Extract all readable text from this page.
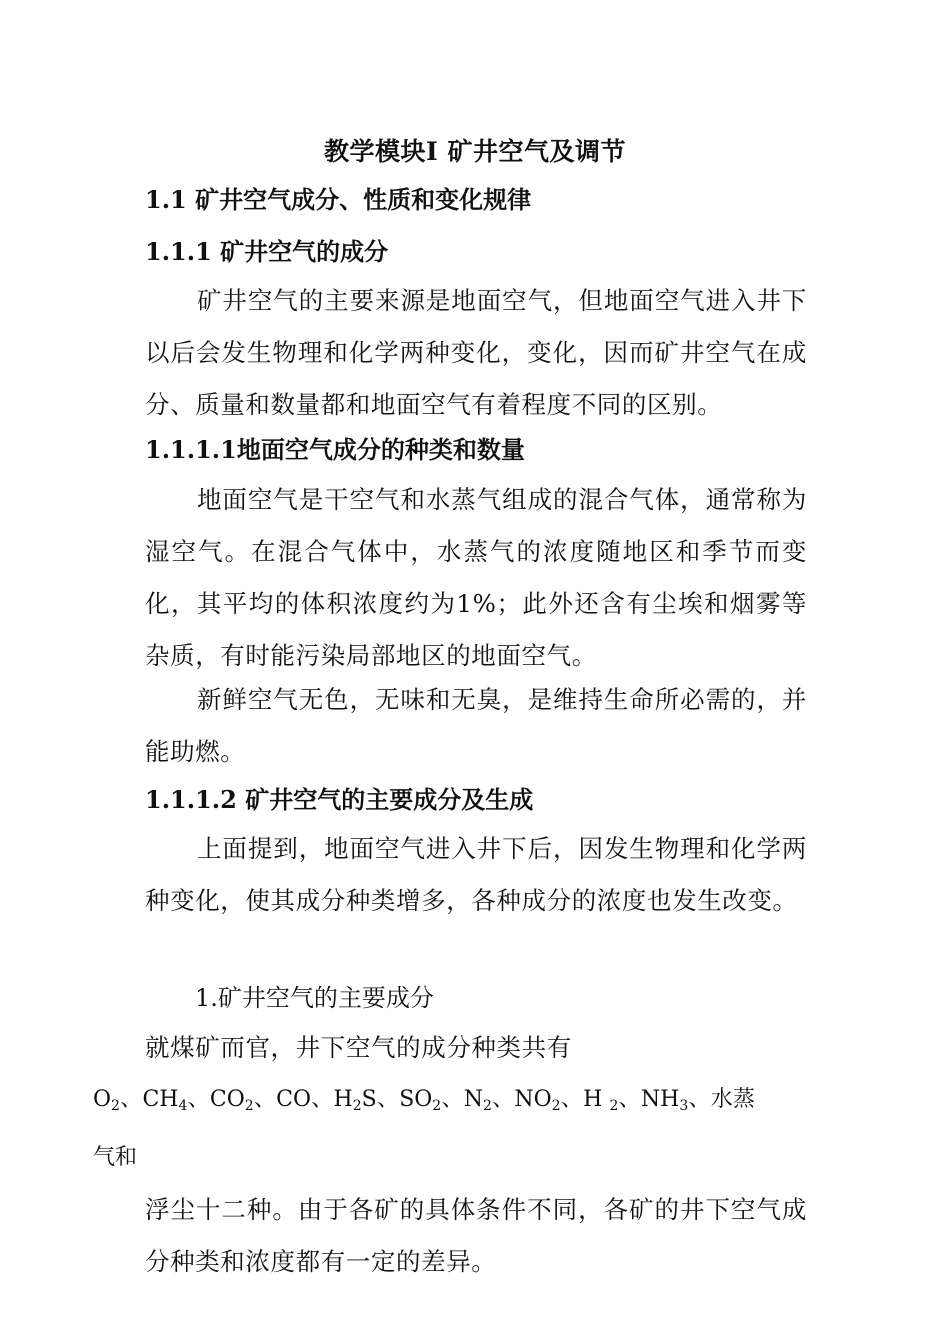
教学模块Ⅰ 矿井空气及调节
1.1 矿井空气成分、性质和变化规律
1.1.1 矿井空气的成分
矿井空气的主要来源是地面空气，但地面空气进入井下以后会发生物理和化学两种变化，变化，因而矿井空气在成分、质量和数量都和地面空气有着程度不同的区别。
1.1.1.1地面空气成分的种类和数量
地面空气是干空气和水蒸气组成的混合气体，通常称为湿空气。在混合气体中，水蒸气的浓度随地区和季节而变化，其平均的体积浓度约为1%；此外还含有尘埃和烟雾等杂质，有时能污染局部地区的地面空气。
新鲜空气无色，无味和无臭，是维持生命所必需的，并能助燃。
1.1.1.2 矿井空气的主要成分及生成
上面提到，地面空气进入井下后，因发生物理和化学两种变化，使其成分种类增多，各种成分的浓度也发生改变。
1.矿井空气的主要成分
就煤矿而官，井下空气的成分种类共有
$O_2$、$CH_4$、$CO_2$、CO、$H_2S$、$SO_2$、$N_2$、$NO_2$、H $_2$、$NH_3$、水蒸气和
浮尘十二种。由于各矿的具体条件不同，各矿的井下空气成分种类和浓度都有一定的差异。
